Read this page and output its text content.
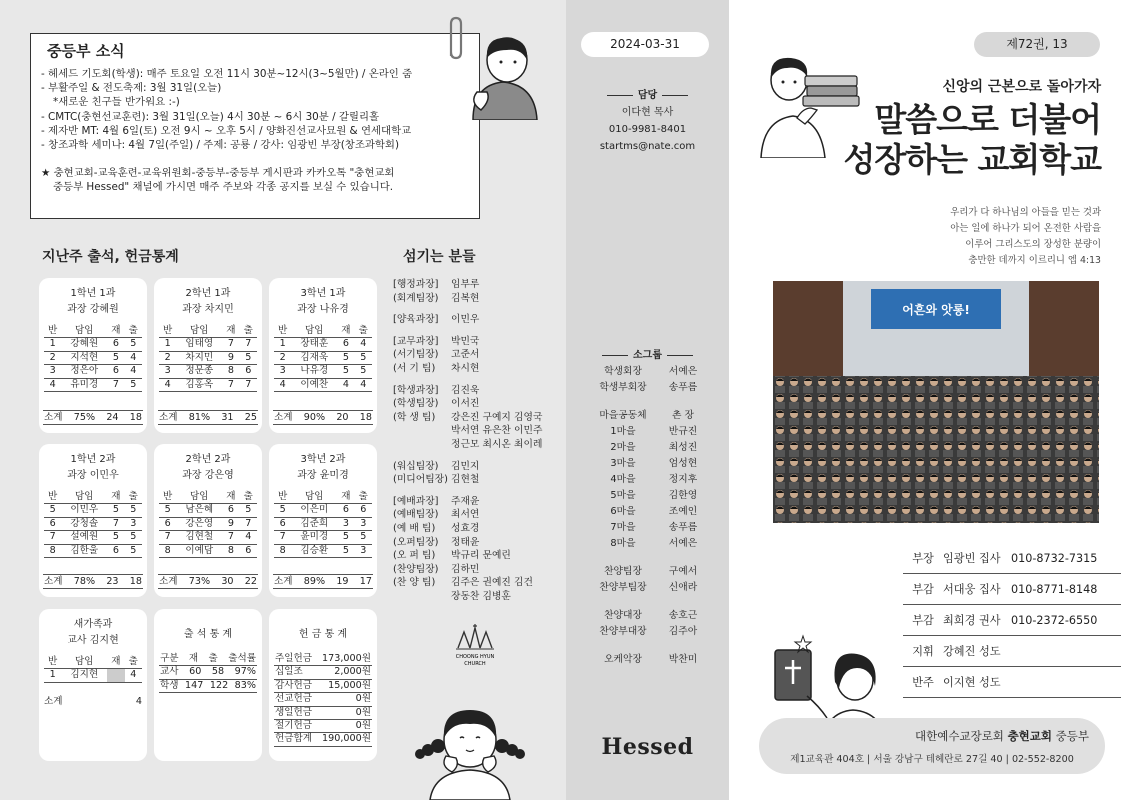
중등부 소식
- 헤세드 기도회(학생): 매주 토요일 오전 11시 30분~12시(3~5월만) / 온라인 줌
- 부활주일 & 전도축제: 3월 31일(오늘)
*새로운 친구들 반가워요 :-)
- CMTC(충현선교훈련): 3월 31일(오늘) 4시 30분 ~ 6시 30분 / 갈릴리홀
- 제자반 MT: 4월 6일(토) 오전 9시 ~ 오후 5시 / 양화진선교사묘원 & 연세대학교
- 창조과학 세미나: 4월 7일(주일) / 주제: 공룡 / 강사: 임광빈 부장(창조과학회)
★ 충현교회-교육훈련-교육위원회-중등부-중등부 게시판과 카카오톡 "충현교회
중등부 Hessed" 채널에 가시면 매주 주보와 각종 공지를 보실 수 있습니다.
지난주 출석, 헌금통계	섬기는 분들
1학년 1과
과장 강혜원
반	담임	재	출
1	강혜원	6	5
2	지석현	5	4
3	정은아	6	4
4	유미경	7	5
소계 75% 24 18
2학년 1과
과장 차지민
반	담임	재	출
1	임태영	7	7
2	차지민	9	5
3	정문종	8	6
4	김홍옥	7	7
소계 81% 31 25
3학년 1과
과장 나유경
반	담임	재	출
1	장태훈	6	4
2	김재욱	5	5
3	나유경	5	5
4	이예찬	4	4
소계 90% 20 18
1학년 2과
과장 이민우
반	담임	재	출
5	이민우	5	5
6	강청솔	7	3
7	설예원	5	5
8	김한울	6	5
소계 78% 23 18
2학년 2과
과장 강은영
반	담임	재	출
5	남은혜	6	5
6	강은영	9	7
7	김현철	7	4
8	이예담	8	6
소계 73% 30 22
3학년 2과
과장 윤미경
반	담임	재	출
5	이은미	6	6
6	김준희	3	3
7	윤미경	5	5
8	김승환	5	3
소계 89% 19 17
새가족과
교사 김지현
반	담임	재	출
1	김지현		4
소계	4
출 석 통 계
구분 재 출 출석률
교사 60 58 97%
학생 147 122 83%
헌 금 통 계
주일헌금 173,000원
십일조	2,000원
감사헌금 15,000원
선교헌금	0원
생일헌금	0원
절기헌금	0원
헌금합계 190,000원
[행정과장]	임부루
(회계팀장)	김복현
[양육과장]	이민우
[교무과장]	박민국
(서기팀장)	고준서
(서 기 팀)	차시현
[학생과장]	김진욱
(학생팀장)	이서진
(학 생 팀)	강은진 구예지 김영국
박서연 유은찬 이민주
정근모 최시온 최이레
(워십팀장)	김민지
(미디어팀장) 김현철
[예배과장]	주재윤
(예배팀장)	최서연
(예 배 팀)	성효경
(오퍼팀장)	정태윤
(오 퍼 팀)	박규리 문예린
(찬양팀장)	김하민
(찬 양 팀)	김주은 권예진 김건
장동찬 김병훈
CHOONG HYUN
CHURCH
2024-03-31
담당
이다현 목사
010-9981-8401
startms@nate.com
소그룹
학생회장	서예은
학생부회장	송푸름
마을공동체	촌 장
1마을	반규진
2마을	최성진
3마을	엄성현
4마을	정지후
5마을	김한영
6마을	조예인
7마을	송푸름
8마을	서예은
찬양팀장	구예서
찬양부팀장	신애라
찬양대장	송호근
찬양부대장	김주아
오케악장	박찬미
Hessed
제72권, 13
신앙의 근본으로 돌아가자
말씀으로 더불어
성장하는 교회학교
우리가 다 하나님의 아들을 믿는 것과
아는 일에 하나가 되어 온전한 사람을
이루어 그리스도의 장성한 분량이
충만한 데까지 이르리니 엡 4:13
어흔와 앗롱!
부장 임광빈 집사 010-8732-7315
부감 서대웅 집사 010-8771-8148
부감 최희경 권사 010-2372-6550
지휘 강혜진 성도
반주 이지현 성도
대한예수교장로회 충현교회 중등부
제1교육관 404호 | 서울 강남구 테헤란로 27길 40 | 02-552-8200
